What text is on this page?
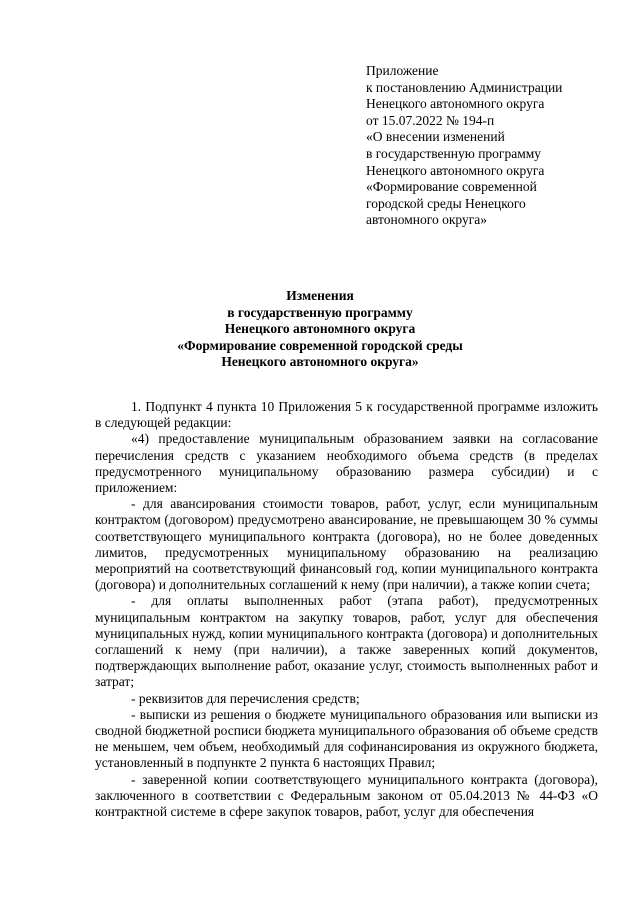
Приложение
к постановлению Администрации
Ненецкого автономного округа
от 15.07.2022 № 194-п
«О внесении изменений
в государственную программу
Ненецкого автономного округа
«Формирование современной
городской среды Ненецкого
автономного округа»
Изменения
в государственную программу
Ненецкого автономного округа
«Формирование современной городской среды
Ненецкого автономного округа»

1. Подпункт 4 пункта 10 Приложения 5 к государственной программе изложить в следующей редакции:

«4) предоставление муниципальным образованием заявки на согласование перечисления средств с указанием необходимого объема средств (в пределах предусмотренного муниципальному образованию размера субсидии) и с приложением:

- для авансирования стоимости товаров, работ, услуг, если муниципальным контрактом (договором) предусмотрено авансирование, не превышающем 30 % суммы соответствующего муниципального контракта (договора), но не более доведенных лимитов, предусмотренных муниципальному образованию на реализацию мероприятий на соответствующий финансовый год, копии муниципального контракта (договора) и дополнительных соглашений к нему (при наличии), а также копии счета;

- для оплаты выполненных работ (этапа работ), предусмотренных муниципальным контрактом на закупку товаров, работ, услуг для обеспечения муниципальных нужд, копии муниципального контракта (договора) и дополнительных соглашений к нему (при наличии), а также заверенных копий документов, подтверждающих выполнение работ, оказание услуг, стоимость выполненных работ и затрат;

- реквизитов для перечисления средств;

- выписки из решения о бюджете муниципального образования или выписки из сводной бюджетной росписи бюджета муниципального образования об объеме средств не меньшем, чем объем, необходимый для софинансирования из окружного бюджета, установленный в подпункте 2 пункта 6 настоящих Правил;

- заверенной копии соответствующего муниципального контракта (договора), заключенного в соответствии с Федеральным законом от 05.04.2013 № 44-ФЗ «О контрактной системе в сфере закупок товаров, работ, услуг для обеспечения
